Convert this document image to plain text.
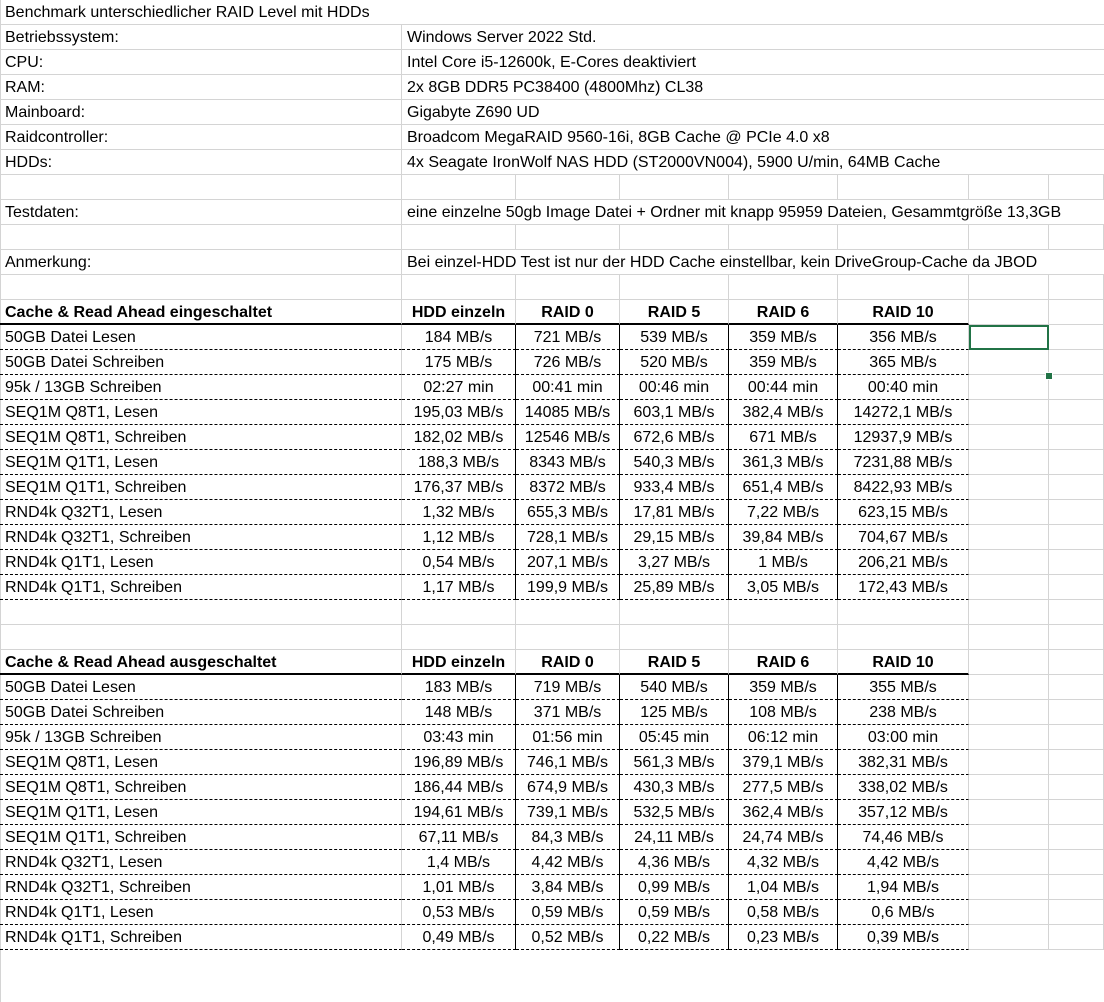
Benchmark unterschiedlicher RAID Level mit HDDs
Betriebssystem:	Windows Server 2022 Std.
CPU:	Intel Core i5-12600k, E-Cores deaktiviert
RAM:	2x 8GB DDR5 PC38400 (4800Mhz) CL38
Mainboard:	Gigabyte Z690 UD
Raidcontroller:	Broadcom MegaRAID 9560-16i, 8GB Cache @ PCIe 4.0 x8
HDDs:	4x Seagate IronWolf NAS HDD (ST2000VN004), 5900 U/min, 64MB Cache
Testdaten:	eine einzelne 50gb Image Datei + Ordner mit knapp 95959 Dateien, Gesammtgröße 13,3GB
Anmerkung:	Bei einzel-HDD Test ist nur der HDD Cache einstellbar, kein DriveGroup-Cache da JBOD
Cache & Read Ahead eingeschaltet	HDD einzeln	RAID 0	RAID 5	RAID 6	RAID 10
50GB Datei Lesen	184 MB/s	721 MB/s	539 MB/s	359 MB/s	356 MB/s
50GB Datei Schreiben	175 MB/s	726 MB/s	520 MB/s	359 MB/s	365 MB/s
95k / 13GB Schreiben	02:27 min	00:41 min	00:46 min	00:44 min	00:40 min
SEQ1M Q8T1, Lesen	195,03 MB/s	14085 MB/s	603,1 MB/s	382,4 MB/s	14272,1 MB/s
SEQ1M Q8T1, Schreiben	182,02 MB/s	12546 MB/s	672,6 MB/s	671 MB/s	12937,9 MB/s
SEQ1M Q1T1, Lesen	188,3 MB/s	8343 MB/s	540,3 MB/s	361,3 MB/s	7231,88 MB/s
SEQ1M Q1T1, Schreiben	176,37 MB/s	8372 MB/s	933,4 MB/s	651,4 MB/s	8422,93 MB/s
RND4k Q32T1, Lesen	1,32 MB/s	655,3 MB/s	17,81 MB/s	7,22 MB/s	623,15 MB/s
RND4k Q32T1, Schreiben	1,12 MB/s	728,1 MB/s	29,15 MB/s	39,84 MB/s	704,67 MB/s
RND4k Q1T1, Lesen	0,54 MB/s	207,1 MB/s	3,27 MB/s	1 MB/s	206,21 MB/s
RND4k Q1T1, Schreiben	1,17 MB/s	199,9 MB/s	25,89 MB/s	3,05 MB/s	172,43 MB/s
Cache & Read Ahead ausgeschaltet	HDD einzeln	RAID 0	RAID 5	RAID 6	RAID 10
50GB Datei Lesen	183 MB/s	719 MB/s	540 MB/s	359 MB/s	355 MB/s
50GB Datei Schreiben	148 MB/s	371 MB/s	125 MB/s	108 MB/s	238 MB/s
95k / 13GB Schreiben	03:43 min	01:56 min	05:45 min	06:12 min	03:00 min
SEQ1M Q8T1, Lesen	196,89 MB/s	746,1 MB/s	561,3 MB/s	379,1 MB/s	382,31 MB/s
SEQ1M Q8T1, Schreiben	186,44 MB/s	674,9 MB/s	430,3 MB/s	277,5 MB/s	338,02 MB/s
SEQ1M Q1T1, Lesen	194,61 MB/s	739,1 MB/s	532,5 MB/s	362,4 MB/s	357,12 MB/s
SEQ1M Q1T1, Schreiben	67,11 MB/s	84,3 MB/s	24,11 MB/s	24,74 MB/s	74,46 MB/s
RND4k Q32T1, Lesen	1,4 MB/s	4,42 MB/s	4,36 MB/s	4,32 MB/s	4,42 MB/s
RND4k Q32T1, Schreiben	1,01 MB/s	3,84 MB/s	0,99 MB/s	1,04 MB/s	1,94 MB/s
RND4k Q1T1, Lesen	0,53 MB/s	0,59 MB/s	0,59 MB/s	0,58 MB/s	0,6 MB/s
RND4k Q1T1, Schreiben	0,49 MB/s	0,52 MB/s	0,22 MB/s	0,23 MB/s	0,39 MB/s
